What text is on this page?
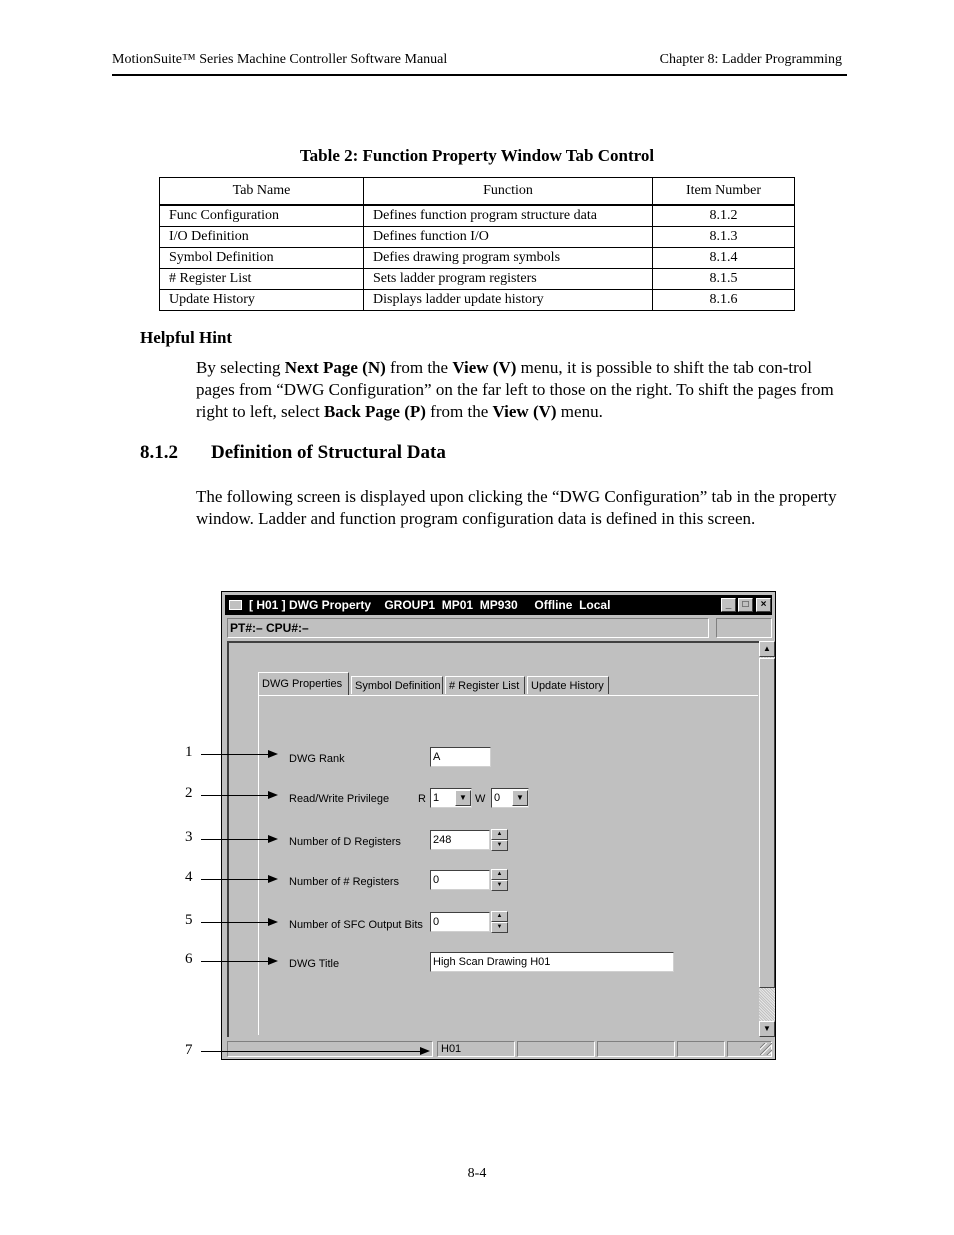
MotionSuite™ Series Machine Controller Software Manual	Chapter 8: Ladder Programming
Table 2: Function Property Window Tab Control
Tab Name	Function	Item Number
Func Configuration	Defines function program structure data	8.1.2
I/O Definition	Defines function I/O	8.1.3
Symbol Definition	Defies drawing program symbols	8.1.4
# Register List	Sets ladder program registers	8.1.5
Update History	Displays ladder update history	8.1.6
Helpful Hint
By selecting Next Page (N) from the View (V) menu, it is possible to shift the tab con-trol pages from “DWG Configuration” on the far left to those on the right. To shift the pages from right to left, select Back Page (P) from the View (V) menu.
8.1.2 Definition of Structural Data
The following screen is displayed upon clicking the “DWG Configuration” tab in the property window. Ladder and function program configuration data is defined in this screen.
[ H01 ] DWG Property    GROUP1  MP01  MP930     Offline  Local	_	□	×
PT#:– CPU#:–
DWG Properties	Symbol Definition # Register List	Update History
DWG Rank	A
Read/Write Privilege	R 1	▼ W 0	▼
Number of D Registers	248	▲
▼
Number of # Registers	0	▲
▼
Number of SFC Output Bits 0	▲
▼
DWG Title	High Scan Drawing H01
▲
▼
H01
1
2
3
4
5
6
7
8-4
